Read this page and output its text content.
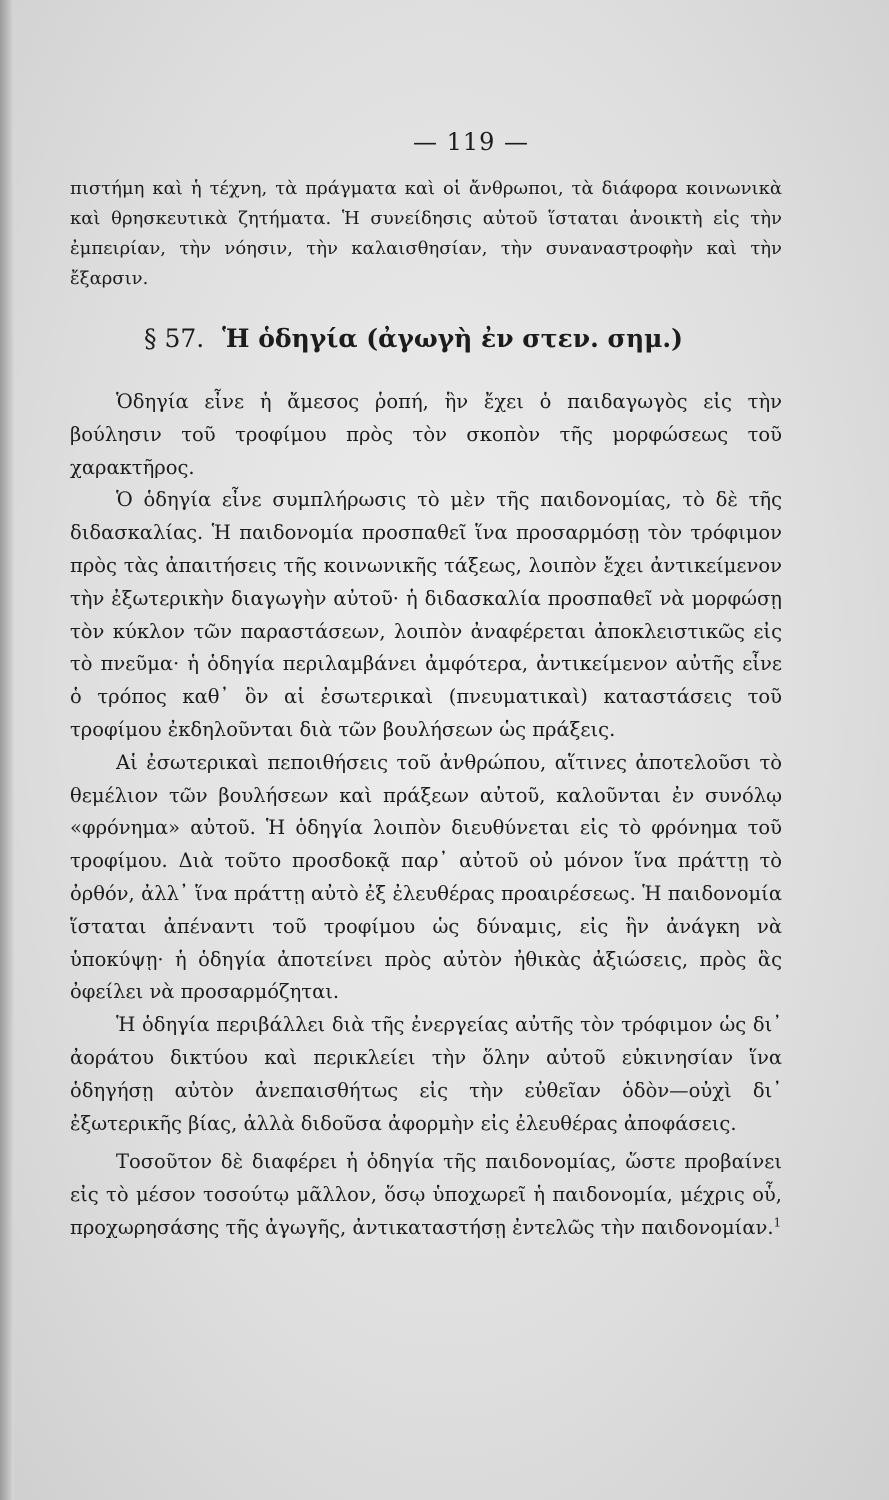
— 119 —

πιστήμη καὶ ἡ τέχνη, τὰ πράγματα καὶ οἱ ἄνθρωποι, τὰ διάφορα κοινωνικὰ καὶ θρησκευτικὰ ζητήματα. Ἡ συνείδησις αὐτοῦ ἵσταται ἀνοικτὴ εἰς τὴν ἐμπειρίαν, τὴν νόησιν, τὴν καλαισθησίαν, τὴν συναναστροφὴν καὶ τὴν ἔξαρσιν.

§ 57. Ἡ ὁδηγία (ἀγωγὴ ἐν στεν. σημ.)

Ὁδηγία εἶνε ἡ ἄμεσος ῥοπή, ἣν ἔχει ὁ παιδαγωγὸς εἰς τὴν βούλησιν τοῦ τροφίμου πρὸς τὸν σκοπὸν τῆς μορφώσεως τοῦ χαρακτῆρος.

Ὁ ὁδηγία εἶνε συμπλήρωσις τὸ μὲν τῆς παιδονομίας, τὸ δὲ τῆς διδασκαλίας. Ἡ παιδονομία προσπαθεῖ ἵνα προσαρμόσῃ τὸν τρόφιμον πρὸς τὰς ἀπαιτήσεις τῆς κοινωνικῆς τάξεως, λοιπὸν ἔχει ἀντικείμενον τὴν ἐξωτερικὴν διαγωγὴν αὐτοῦ· ἡ διδασκαλία προσπαθεῖ νὰ μορφώσῃ τὸν κύκλον τῶν παραστάσεων, λοιπὸν ἀναφέρεται ἀποκλειστικῶς εἰς τὸ πνεῦμα· ἡ ὁδηγία περιλαμβάνει ἀμφότερα, ἀντικείμενον αὐτῆς εἶνε ὁ τρόπος καθ᾽ ὃν αἱ ἐσωτερικαὶ (πνευματικαὶ) καταστάσεις τοῦ τροφίμου ἐκδηλοῦνται διὰ τῶν βουλήσεων ὡς πράξεις.

Αἱ ἐσωτερικαὶ πεποιθήσεις τοῦ ἀνθρώπου, αἵτινες ἀποτελοῦσι τὸ θεμέλιον τῶν βουλήσεων καὶ πράξεων αὐτοῦ, καλοῦνται ἐν συνόλῳ «φρόνημα» αὐτοῦ. Ἡ ὁδηγία λοιπὸν διευθύνεται εἰς τὸ φρόνημα τοῦ τροφίμου. Διὰ τοῦτο προσδοκᾷ παρ᾽ αὐτοῦ οὐ μόνον ἵνα πράττῃ τὸ ὀρθόν, ἀλλ᾽ ἵνα πράττῃ αὐτὸ ἐξ ἐλευθέρας προαιρέσεως. Ἡ παιδονομία ἵσταται ἀπέναντι τοῦ τροφίμου ὡς δύναμις, εἰς ἣν ἀνάγκη νὰ ὑποκύψῃ· ἡ ὁδηγία ἀποτείνει πρὸς αὐτὸν ἠθικὰς ἀξιώσεις, πρὸς ἃς ὀφείλει νὰ προσαρμόζηται.

Ἡ ὁδηγία περιβάλλει διὰ τῆς ἐνεργείας αὐτῆς τὸν τρόφιμον ὡς δι᾽ ἀοράτου δικτύου καὶ περικλείει τὴν ὅλην αὐτοῦ εὐκινησίαν ἵνα ὁδηγήσῃ αὐτὸν ἀνεπαισθήτως εἰς τὴν εὐθεῖαν ὁδὸν—οὐχὶ δι᾽ ἐξωτερικῆς βίας, ἀλλὰ διδοῦσα ἀφορμὴν εἰς ἐλευθέρας ἀποφάσεις.

Τοσοῦτον δὲ διαφέρει ἡ ὁδηγία τῆς παιδονομίας, ὥστε προβαίνει εἰς τὸ μέσον τοσούτῳ μᾶλλον, ὅσῳ ὑποχωρεῖ ἡ παιδονομία, μέχρις οὗ, προχωρησάσης τῆς ἀγωγῆς, ἀντικαταστήσῃ ἐντελῶς τὴν παιδονομίαν.$^1$
